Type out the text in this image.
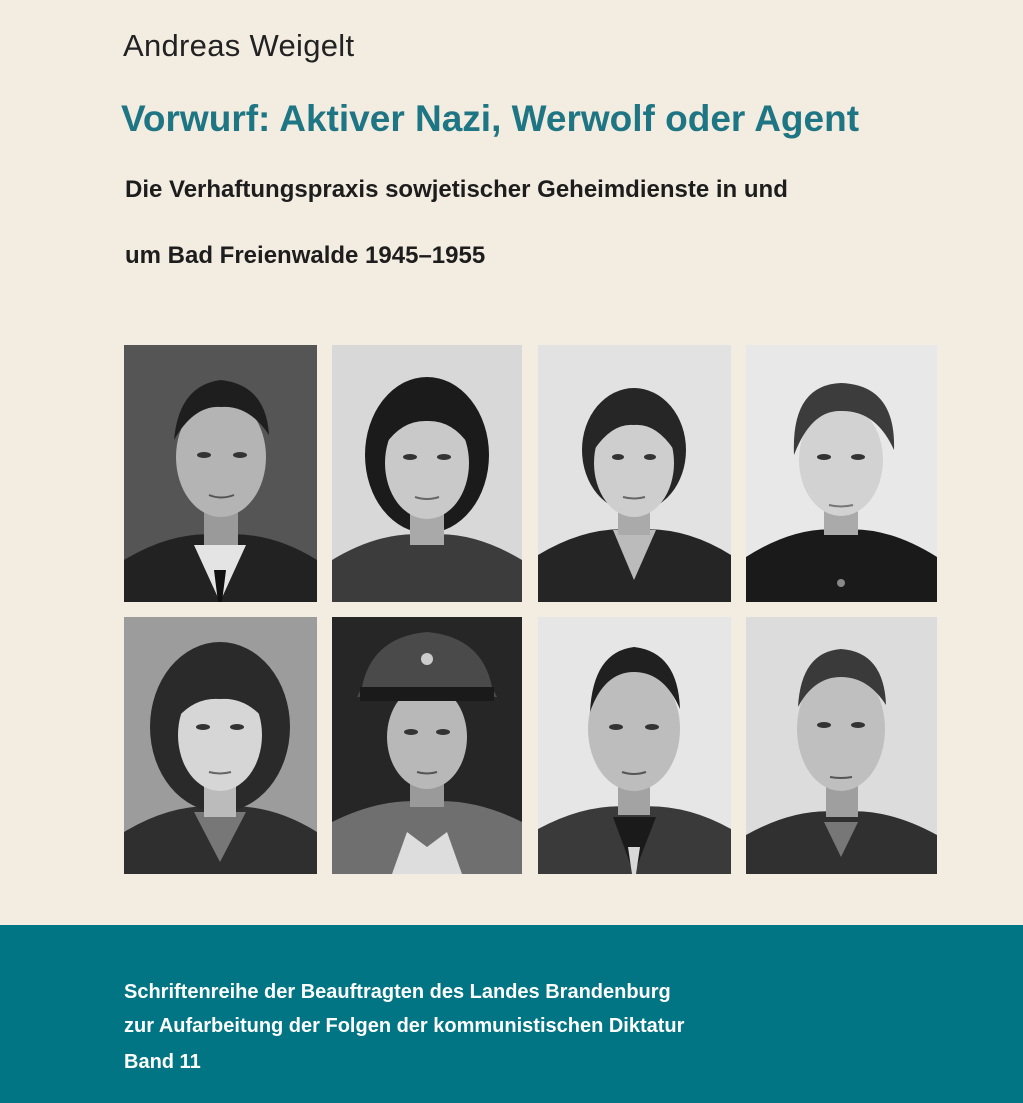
Andreas Weigelt
Vorwurf: Aktiver Nazi, Werwolf oder Agent
Die Verhaftungspraxis sowjetischer Geheimdienste in und
um Bad Freienwalde 1945–1955
Schriftenreihe der Beauftragten des Landes Brandenburg
zur Aufarbeitung der Folgen der kommunistischen Diktatur
Band 11
